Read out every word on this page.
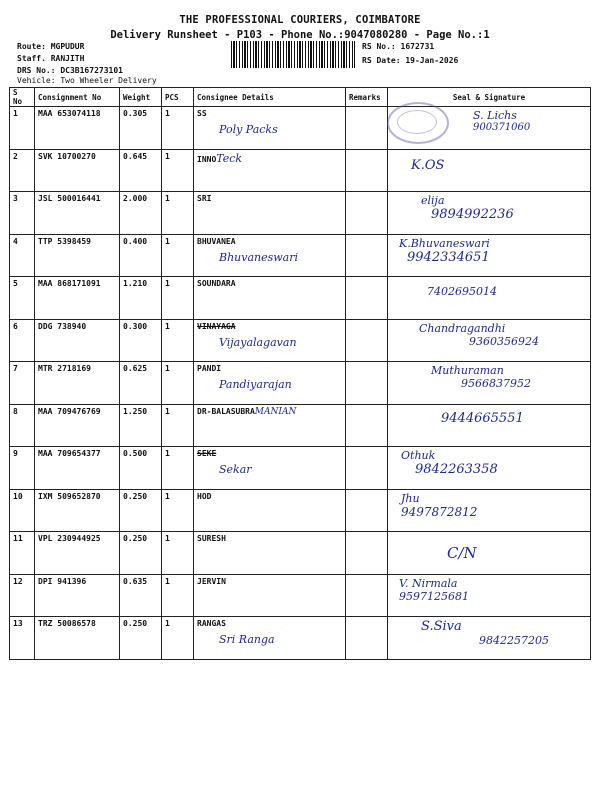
THE PROFESSIONAL COURIERS, COIMBATORE
Delivery Runsheet - P103 - Phone No.:9047080280 - Page No.:1
Route: MGPUDUR
Staff. RANJITH
DRS No.: DC3B167273101
Vehicle: Two Wheeler Delivery
RS No.: 1672731
RS Date: 19-Jan-2026
S No	Consignment No	Weight	PCS	Consignee Details	Remarks	Seal & Signature
1	MAA 653074118	0.305	1	SS
Poly Packs		S. Lichs
900371060

2	SVK 10700270	0.645	1	INNOTeck		K.OS

3	JSL 500016441	2.000	1	SRI		elija
9894992236

4	TTP 5398459	0.400	1	BHUVANEA
Bhuvaneswari		K.Bhuvaneswari
9942334651

5	MAA 868171091	1.210	1	SOUNDARA		7402695014

6	DDG 738940	0.300	1	VINAYAGA
Vijayalagavan		Chandragandhi
9360356924

7	MTR 2718169	0.625	1	PANDI
Pandiyarajan		Muthuraman
9566837952

8	MAA 709476769	1.250	1	DR-BALASUBRAMANIAN		9444665551

9	MAA 709654377	0.500	1	SEKE
Sekar		Othuk
9842263358

10	IXM 509652870	0.250	1	HOD		Jhu
9497872812

11	VPL 230944925	0.250	1	SURESH		C/N

12	DPI 941396	0.635	1	JERVIN		V. Nirmala
9597125681

13	TRZ 50086578	0.250	1	RANGAS
Sri Ranga		S.Siva
9842257205
